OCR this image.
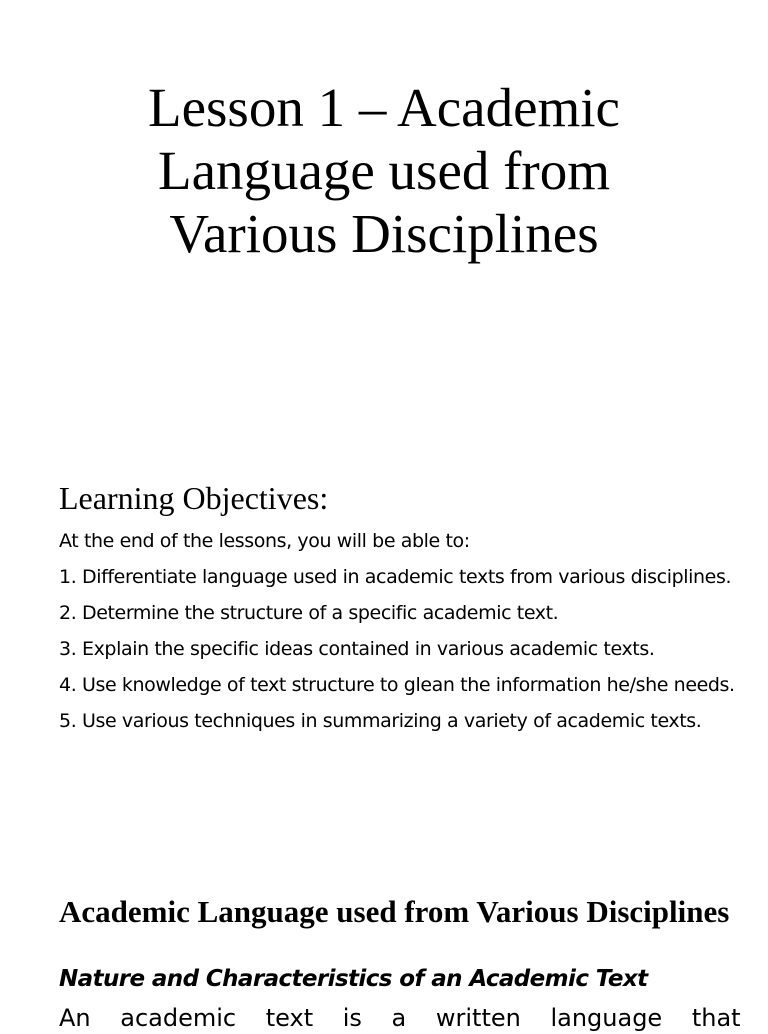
Lesson 1 – Academic
Language used from
Various Disciplines
Learning Objectives:

At the end of the lessons, you will be able to:

1. Differentiate language used in academic texts from various disciplines.

2. Determine the structure of a specific academic text.

3. Explain the specific ideas contained in various academic texts.

4. Use knowledge of text structure to glean the information he/she needs.

5. Use various techniques in summarizing a variety of academic texts.

Academic Language used from Various Disciplines
Nature and Characteristics of an Academic Text

An academic text is a written language that
